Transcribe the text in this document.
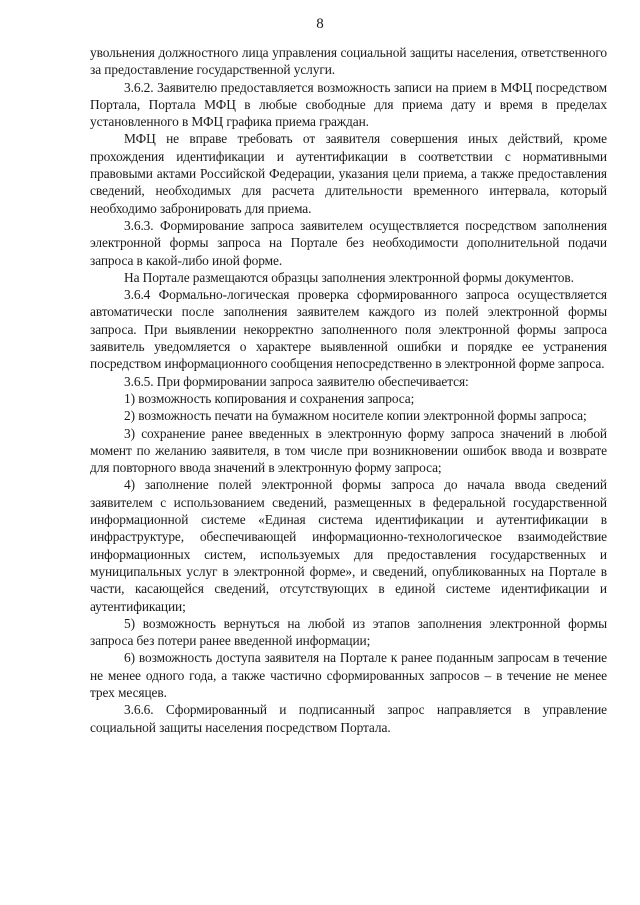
8

увольнения должностного лица управления социальной защиты населения, ответственного за предоставление государственной услуги.

3.6.2. Заявителю предоставляется возможность записи на прием в МФЦ посредством Портала, Портала МФЦ в любые свободные для приема дату и время в пределах установленного в МФЦ графика приема граждан.

МФЦ не вправе требовать от заявителя совершения иных действий, кроме прохождения идентификации и аутентификации в соответствии с нормативными правовыми актами Российской Федерации, указания цели приема, а также предоставления сведений, необходимых для расчета длительности временного интервала, который необходимо забронировать для приема.

3.6.3. Формирование запроса заявителем осуществляется посредством заполнения электронной формы запроса на Портале без необходимости дополнительной подачи запроса в какой-либо иной форме.

На Портале размещаются образцы заполнения электронной формы документов.

3.6.4 Формально-логическая проверка сформированного запроса осуществляется автоматически после заполнения заявителем каждого из полей электронной формы запроса. При выявлении некорректно заполненного поля электронной формы запроса заявитель уведомляется о характере выявленной ошибки и порядке ее устранения посредством информационного сообщения непосредственно в электронной форме запроса.

3.6.5. При формировании запроса заявителю обеспечивается:

1) возможность копирования и сохранения запроса;

2) возможность печати на бумажном носителе копии электронной формы запроса;

3) сохранение ранее введенных в электронную форму запроса значений в любой момент по желанию заявителя, в том числе при возникновении ошибок ввода и возврате для повторного ввода значений в электронную форму запроса;

4) заполнение полей электронной формы запроса до начала ввода сведений заявителем с использованием сведений, размещенных в федеральной государственной информационной системе «Единая система идентификации и аутентификации в инфраструктуре, обеспечивающей информационно-технологическое взаимодействие информационных систем, используемых для предоставления государственных и муниципальных услуг в электронной форме», и сведений, опубликованных на Портале в части, касающейся сведений, отсутствующих в единой системе идентификации и аутентификации;

5) возможность вернуться на любой из этапов заполнения электронной формы запроса без потери ранее введенной информации;

6) возможность доступа заявителя на Портале к ранее поданным запросам в течение не менее одного года, а также частично сформированных запросов – в течение не менее трех месяцев.

3.6.6. Сформированный и подписанный запрос направляется в управление социальной защиты населения посредством Портала.
